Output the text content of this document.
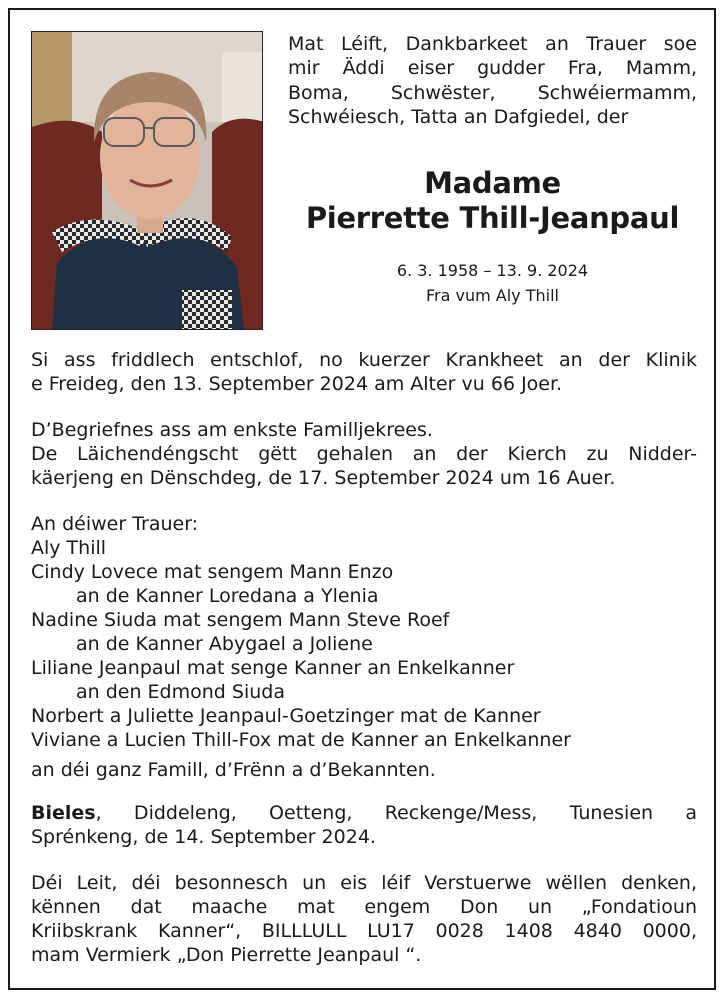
Mat Léift, Dankbarkeet an Trauer soe
mir Äddi eiser gudder Fra, Mamm,
Boma, Schwëster, Schwéiermamm,
Schwéiesch, Tatta an Dafgiedel, der

Madame
Pierrette Thill-Jeanpaul

6. 3. 1958 – 13. 9. 2024
Fra vum Aly Thill

Si ass friddlech entschlof, no kuerzer Krankheet an der Klinik
e Freideg, den 13. September 2024 am Alter vu 66 Joer.

D’Begriefnes ass am enkste Familljekrees.
De Läichendéngscht gëtt gehalen an der Kierch zu Nidder-
käerjeng en Dënschdeg, de 17. September 2024 um 16 Auer.

An déiwer Trauer:
Aly Thill
Cindy Lovece mat sengem Mann Enzo
an de Kanner Loredana a Ylenia
Nadine Siuda mat sengem Mann Steve Roef
an de Kanner Abygael a Joliene
Liliane Jeanpaul mat senge Kanner an Enkelkanner
an den Edmond Siuda
Norbert a Juliette Jeanpaul-Goetzinger mat de Kanner
Viviane a Lucien Thill-Fox mat de Kanner an Enkelkanner
an déi ganz Famill, d’Frënn a d’Bekannten.

Bieles, Diddeleng, Oetteng, Reckenge/Mess, Tunesien a
Sprénkeng, de 14. September 2024.

Déi Leit, déi besonnesch un eis léif Verstuerwe wëllen denken,
kënnen dat maache mat engem Don un „Fondatioun
Kriibskrank Kanner“, BILLLULL LU17 0028 1408 4840 0000,
mam Vermierk „Don Pierrette Jeanpaul “.
